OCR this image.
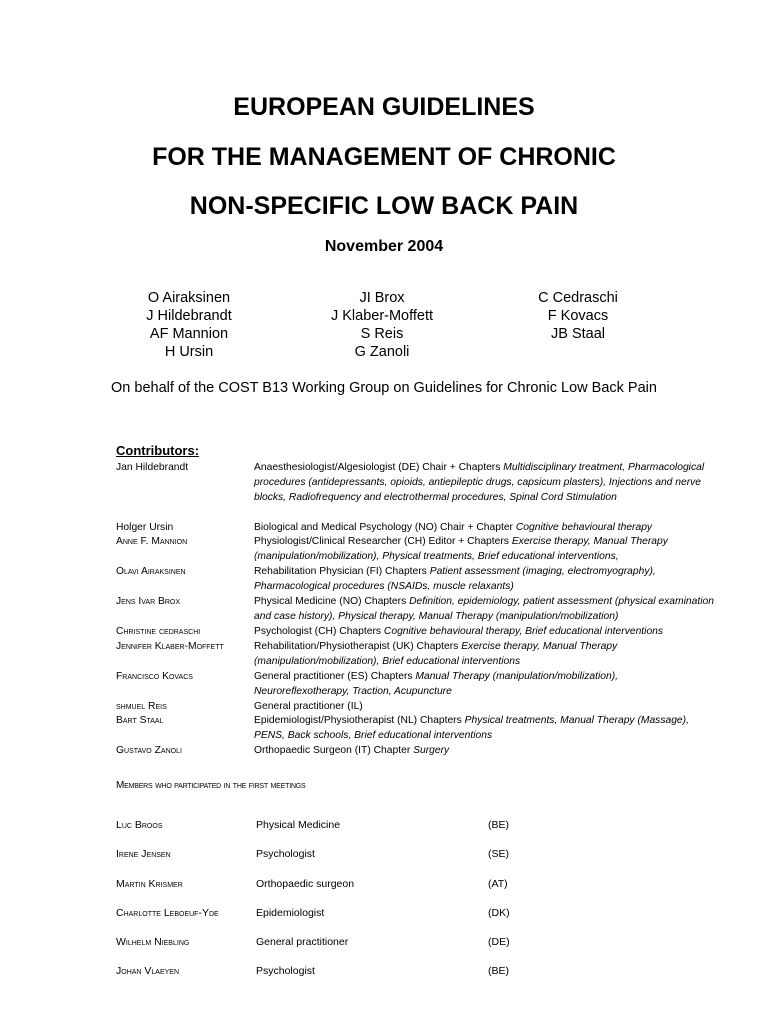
EUROPEAN GUIDELINES
FOR THE MANAGEMENT OF CHRONIC
NON-SPECIFIC LOW BACK PAIN
November 2004
O Airaksinen
J Hildebrandt
AF Mannion
H Ursin
JI Brox
J Klaber-Moffett
S Reis
G Zanoli
C Cedraschi
F Kovacs
JB Staal
On behalf of the COST B13 Working Group on Guidelines for Chronic Low Back Pain
Contributors:
Jan Hildebrandt	Anaesthesiologist/Algesiologist (DE) Chair + Chapters Multidisciplinary treatment, Pharmacological procedures (antidepressants, opioids, antiepileptic drugs, capsicum plasters), Injections and nerve blocks, Radiofrequency and electrothermal procedures, Spinal Cord Stimulation
Holger Ursin	Biological and Medical Psychology (NO) Chair + Chapter Cognitive behavioural therapy
Anne F. Mannion	Physiologist/Clinical Researcher (CH) Editor + Chapters Exercise therapy, Manual Therapy (manipulation/mobilization), Physical treatments, Brief educational interventions,
Olavi Airaksinen	Rehabilitation Physician (FI) Chapters Patient assessment (imaging, electromyography), Pharmacological procedures (NSAIDs, muscle relaxants)
Jens Ivar Brox	Physical Medicine (NO) Chapters Definition, epidemiology, patient assessment (physical examination and case history), Physical therapy, Manual Therapy (manipulation/mobilization)
Christine cedraschi	Psychologist (CH) Chapters Cognitive behavioural therapy, Brief educational interventions
Jennifer Klaber-Moffett	Rehabilitation/Physiotherapist (UK) Chapters Exercise therapy, Manual Therapy (manipulation/mobilization), Brief educational interventions
Francisco Kovacs	General practitioner (ES) Chapters Manual Therapy (manipulation/mobilization), Neuroreflexotherapy, Traction, Acupuncture
shmuel Reis	General practitioner (IL)
Bart Staal	Epidemiologist/Physiotherapist (NL) Chapters Physical treatments, Manual Therapy (Massage), PENS, Back schools, Brief educational interventions
Gustavo Zanoli	Orthopaedic Surgeon (IT) Chapter Surgery
Members who participated in the first meetings
Luc Broos	Physical Medicine	(BE)
Irene Jensen	Psychologist	(SE)
Martin Krismer	Orthopaedic surgeon	(AT)
Charlotte Leboeuf-Yde	Epidemiologist	(DK)
Wilhelm Niebling	General practitioner	(DE)
Johan Vlaeyen	Psychologist	(BE)
